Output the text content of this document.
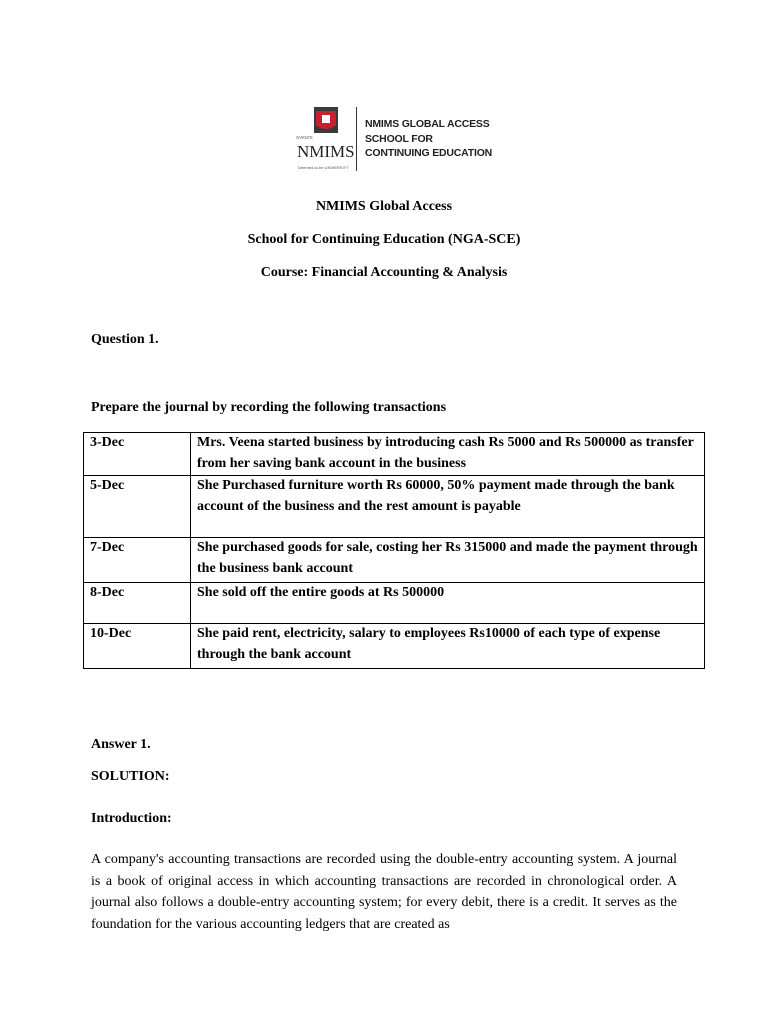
SVKM'S
NMIMS
Deemed-to-be UNIVERSITY
NMIMS GLOBAL ACCESS
SCHOOL FOR
CONTINUING EDUCATION
NMIMS Global Access
School for Continuing Education (NGA-SCE)
Course: Financial Accounting & Analysis
Question 1.
Prepare the journal by recording the following transactions
3-Dec	Mrs. Veena started business by introducing cash Rs 5000 and Rs 500000 as transfer from her saving bank account in the business
5-Dec	She Purchased furniture worth Rs 60000, 50% payment made through the bank account of the business and the rest amount is payable
7-Dec	She purchased goods for sale, costing her Rs 315000 and made the payment through the business bank account
8-Dec	She sold off the entire goods at Rs 500000
10-Dec	She paid rent, electricity, salary to employees Rs10000 of each type of expense through the bank account
Answer 1.
SOLUTION:
Introduction:
A company's accounting transactions are recorded using the double-entry accounting system. A journal is a book of original access in which accounting transactions are recorded in chronological order. A journal also follows a double-entry accounting system; for every debit, there is a credit. It serves as the foundation for the various accounting ledgers that are created as
